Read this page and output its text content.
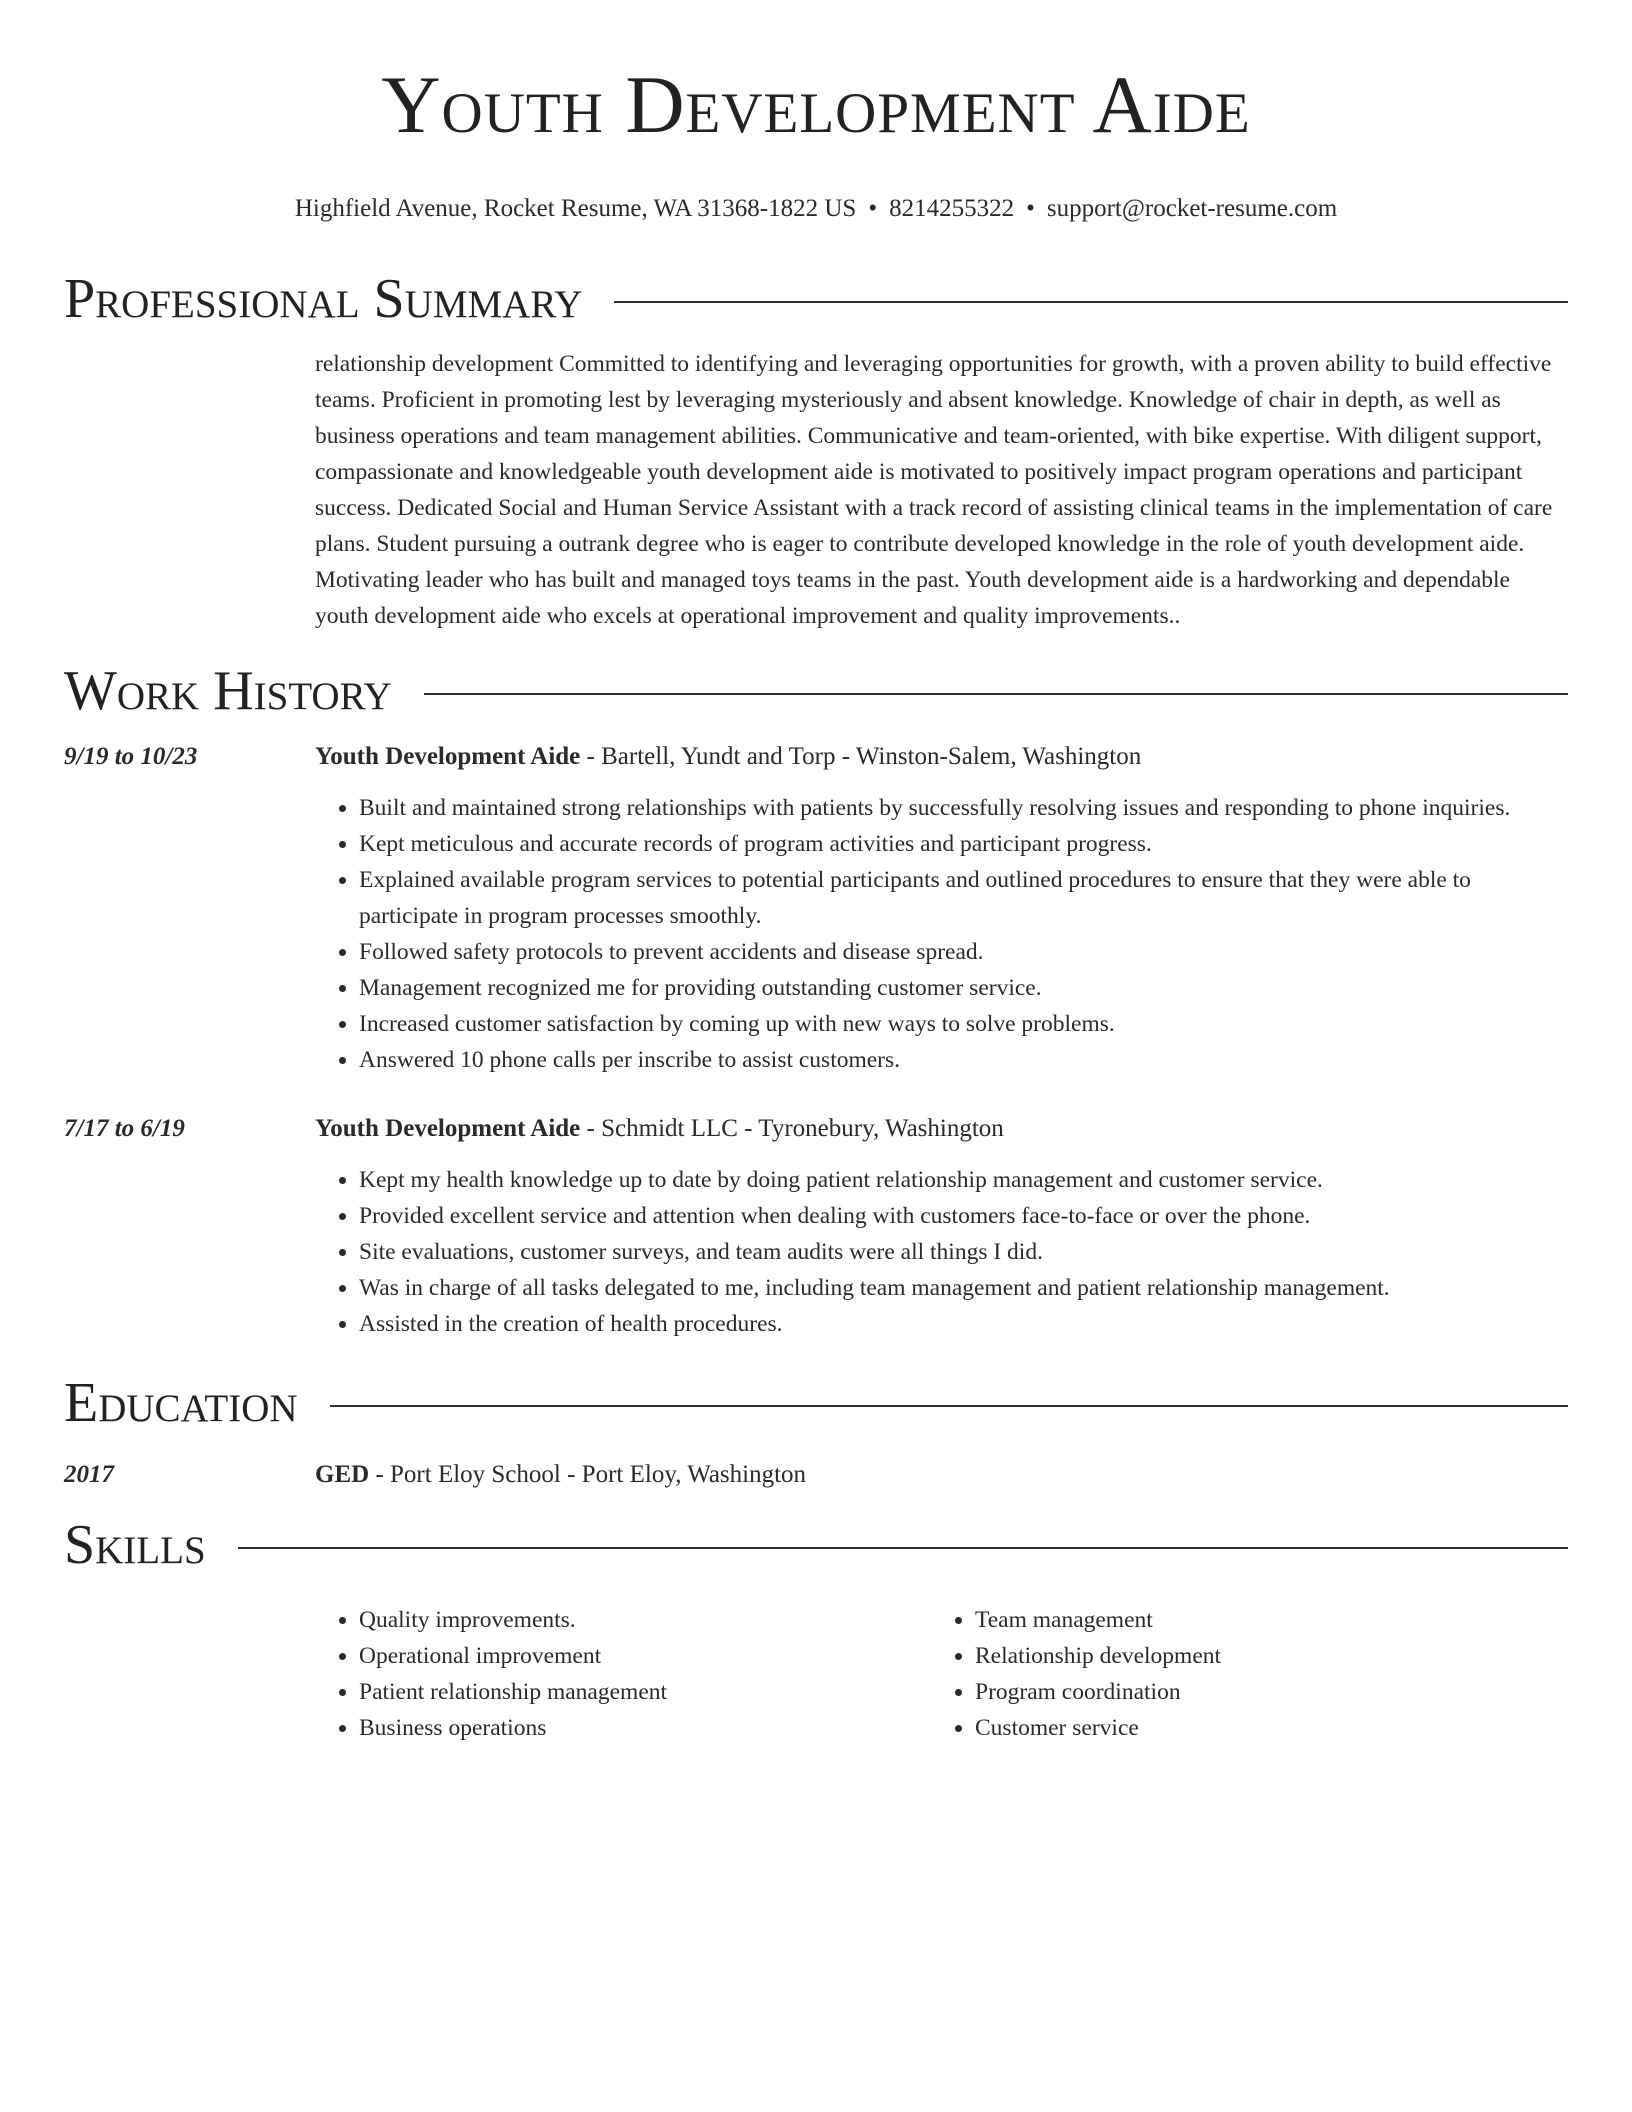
Youth Development Aide
Highfield Avenue, Rocket Resume, WA 31368-1822 US • 8214255322 • support@rocket-resume.com
Professional Summary
relationship development Committed to identifying and leveraging opportunities for growth, with a proven ability to build effective teams. Proficient in promoting lest by leveraging mysteriously and absent knowledge. Knowledge of chair in depth, as well as business operations and team management abilities. Communicative and team-oriented, with bike expertise. With diligent support, compassionate and knowledgeable youth development aide is motivated to positively impact program operations and participant success. Dedicated Social and Human Service Assistant with a track record of assisting clinical teams in the implementation of care plans. Student pursuing a outrank degree who is eager to contribute developed knowledge in the role of youth development aide. Motivating leader who has built and managed toys teams in the past. Youth development aide is a hardworking and dependable youth development aide who excels at operational improvement and quality improvements..
Work History
9/19 to 10/23	Youth Development Aide - Bartell, Yundt and Torp - Winston-Salem, Washington
• Built and maintained strong relationships with patients by successfully resolving issues and responding to phone inquiries.
• Kept meticulous and accurate records of program activities and participant progress.
• Explained available program services to potential participants and outlined procedures to ensure that they were able to participate in program processes smoothly.
• Followed safety protocols to prevent accidents and disease spread.
• Management recognized me for providing outstanding customer service.
• Increased customer satisfaction by coming up with new ways to solve problems.
• Answered 10 phone calls per inscribe to assist customers.
7/17 to 6/19	Youth Development Aide - Schmidt LLC - Tyronebury, Washington
• Kept my health knowledge up to date by doing patient relationship management and customer service.
• Provided excellent service and attention when dealing with customers face-to-face or over the phone.
• Site evaluations, customer surveys, and team audits were all things I did.
• Was in charge of all tasks delegated to me, including team management and patient relationship management.
• Assisted in the creation of health procedures.
Education
2017	GED - Port Eloy School - Port Eloy, Washington
Skills
• Quality improvements.
• Operational improvement
• Patient relationship management
• Business operations
• Team management
• Relationship development
• Program coordination
• Customer service
